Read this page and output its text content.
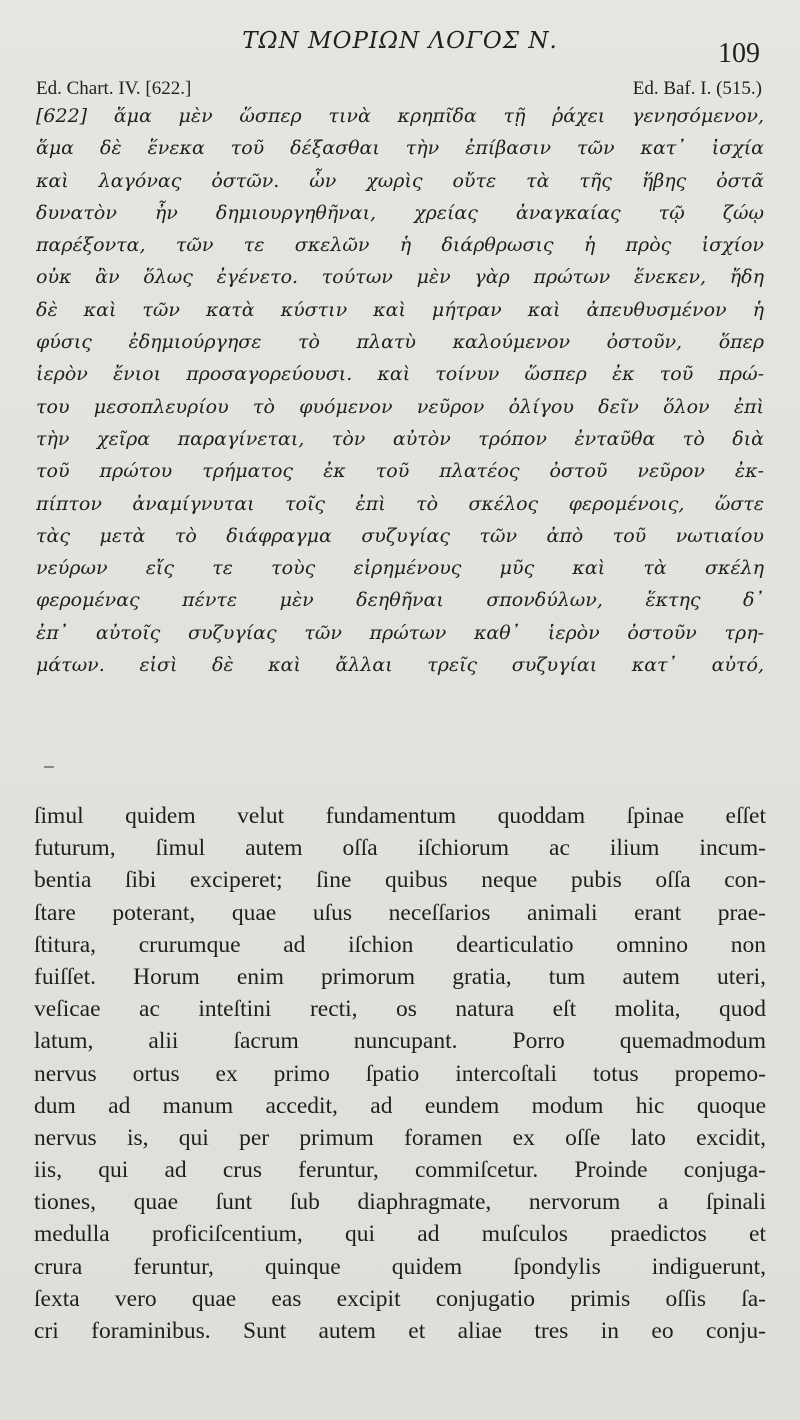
ΤΩΝ ΜΟΡΙΩΝ ΛΟΓΟΣ Ν.	109
Ed. Chart. IV. [622.]	Ed. Baf. I. (515.)
[622] ἅμα μὲν ὥσπερ τινὰ κρηπῖδα τῇ ῥάχει γενησόμενον,
ἅμα δὲ ἕνεκα τοῦ δέξασθαι τὴν ἐπίβασιν τῶν κατ᾽ ἰσχία
καὶ λαγόνας ὀστῶν. ὧν χωρὶς οὔτε τὰ τῆς ἥβης ὀστᾶ
δυνατὸν ἦν δημιουργηθῆναι, χρείας ἀναγκαίας τῷ ζώῳ
παρέξοντα, τῶν τε σκελῶν ἡ διάρθρωσις ἡ πρὸς ἰσχίον
οὐκ ἂν ὅλως ἐγένετο. τούτων μὲν γὰρ πρώτων ἕνεκεν, ἤδη
δὲ καὶ τῶν κατὰ κύστιν καὶ μήτραν καὶ ἀπευθυσμένον ἡ
φύσις ἐδημιούργησε τὸ πλατὺ καλούμενον ὀστοῦν, ὅπερ
ἱερὸν ἔνιοι προσαγορεύουσι. καὶ τοίνυν ὥσπερ ἐκ τοῦ πρώ-
του μεσοπλευρίου τὸ φυόμενον νεῦρον ὀλίγου δεῖν ὅλον ἐπὶ
τὴν χεῖρα παραγίνεται, τὸν αὐτὸν τρόπον ἐνταῦθα τὸ διὰ
τοῦ πρώτου τρήματος ἐκ τοῦ πλατέος ὀστοῦ νεῦρον ἐκ-
πίπτον ἀναμίγνυται τοῖς ἐπὶ τὸ σκέλος φερομένοις, ὥστε
τὰς μετὰ τὸ διάφραγμα συζυγίας τῶν ἀπὸ τοῦ νωτιαίου
νεύρων εἴς τε τοὺς εἰρημένους μῦς καὶ τὰ σκέλη
φερομένας πέντε μὲν δεηθῆναι σπονδύλων, ἕκτης δ᾽
ἐπ᾽ αὐτοῖς συζυγίας τῶν πρώτων καθ᾽ ἱερὸν ὀστοῦν τρη-
μάτων. εἰσὶ δὲ καὶ ἄλλαι τρεῖς συζυγίαι κατ᾽ αὐτό,
ſimul quidem velut fundamentum quoddam ſpinae eſſet
futurum, ſimul autem oſſa iſchiorum ac ilium incum-
bentia ſibi exciperet; ſine quibus neque pubis oſſa con-
ſtare poterant, quae uſus neceſſarios animali erant prae-
ſtitura, crurumque ad iſchion dearticulatio omnino non
fuiſſet. Horum enim primorum gratia, tum autem uteri,
veſicae ac inteſtini recti, os natura eſt molita, quod
latum, alii ſacrum nuncupant. Porro quemadmodum
nervus ortus ex primo ſpatio intercoſtali totus propemo-
dum ad manum accedit, ad eundem modum hic quoque
nervus is, qui per primum foramen ex oſſe lato excidit,
iis, qui ad crus feruntur, commiſcetur. Proinde conjuga-
tiones, quae ſunt ſub diaphragmate, nervorum a ſpinali
medulla proficiſcentium, qui ad muſculos praedictos et
crura feruntur, quinque quidem ſpondylis indiguerunt,
ſexta vero quae eas excipit conjugatio primis oſſis ſa-
cri foraminibus. Sunt autem et aliae tres in eo conju-
